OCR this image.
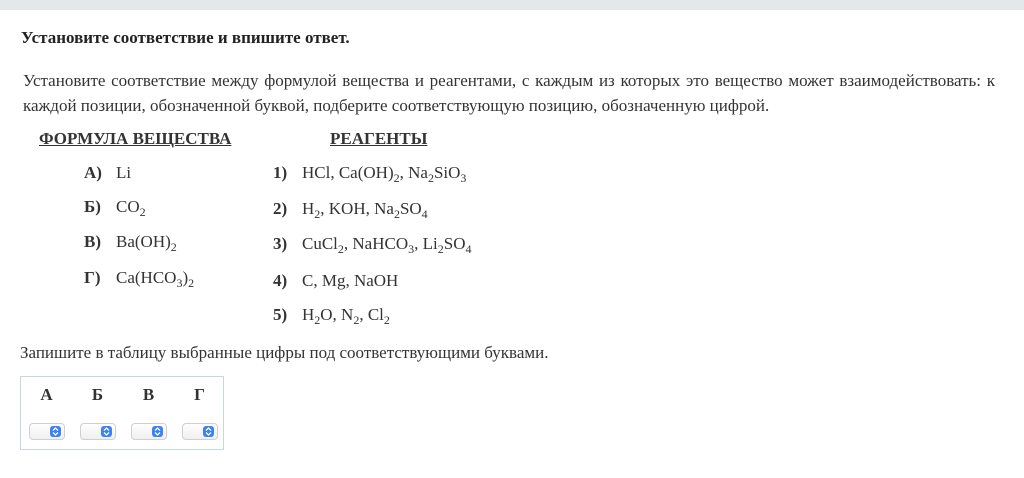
Установите соответствие и впишите ответ.
Установите соответствие между формулой вещества и реагентами, с каждым из которых это вещество может взаимодействовать: к каждой позиции, обозначенной буквой, подберите соответствующую позицию, обозначенную цифрой.
ФОРМУЛА ВЕЩЕСТВА	РЕАГЕНТЫ
А) Li
Б) $CO_2$
В) $Ba(OH)_2$
Г) $Ca(HCO_3)_2$
1) HCl, $Ca(OH)_2$, $Na_2SiO_3$
2) $H_2$, KOH, $Na_2SO_4$
3) CuCl$_2$, NaHCO$_3$, $Li_2SO_4$
4) C, Mg, NaOH
5) $H_2O$, $N_2$, $Cl_2$
Запишите в таблицу выбранные цифры под соответствующими буквами.
А	Б	В	Г
